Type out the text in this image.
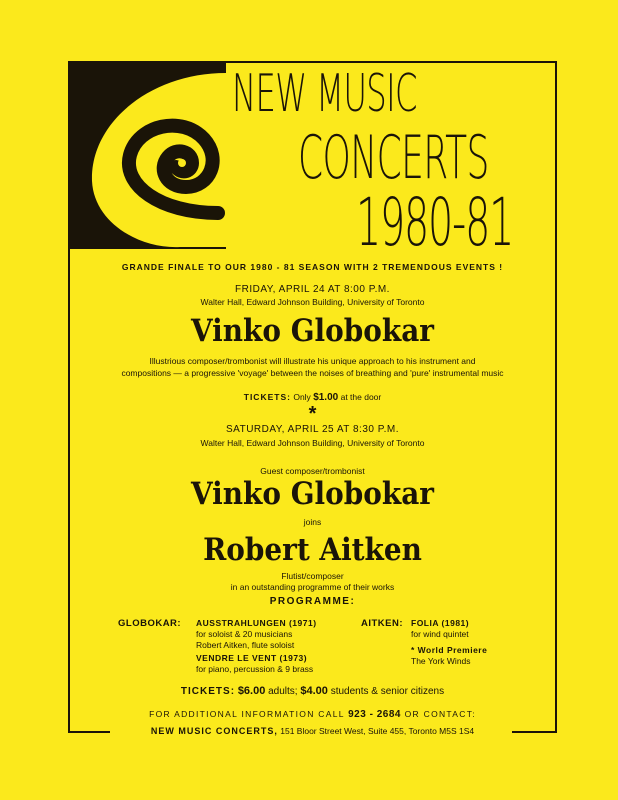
NEW MUSIC
CONCERTS
1980-81
GRANDE FINALE TO OUR 1980 - 81 SEASON WITH 2 TREMENDOUS EVENTS !
FRIDAY, APRIL 24 AT 8:00 P.M.
Walter Hall, Edward Johnson Building, University of Toronto
Vinko Globokar
Illustrious composer/trombonist will illustrate his unique approach to his instrument and
compositions — a progressive 'voyage' between the noises of breathing and 'pure' instrumental music
TICKETS: Only $1.00 at the door
*
SATURDAY, APRIL 25 AT 8:30 P.M.
Walter Hall, Edward Johnson Building, University of Toronto
Guest composer/trombonist
Vinko Globokar
joins
Robert Aitken
Flutist/composer
in an outstanding programme of their works
PROGRAMME:
GLOBOKAR: AUSSTRAHLUNGEN (1971)
for soloist & 20 musicians
Robert Aitken, flute soloist
VENDRE LE VENT (1973)
for piano, percussion & 9 brass
AITKEN: FOLIA (1981)
for wind quintet
* World Premiere
The York Winds
TICKETS: $6.00 adults; $4.00 students & senior citizens
FOR ADDITIONAL INFORMATION CALL 923 - 2684 OR CONTACT:
NEW MUSIC CONCERTS, 151 Bloor Street West, Suite 455, Toronto M5S 1S4
